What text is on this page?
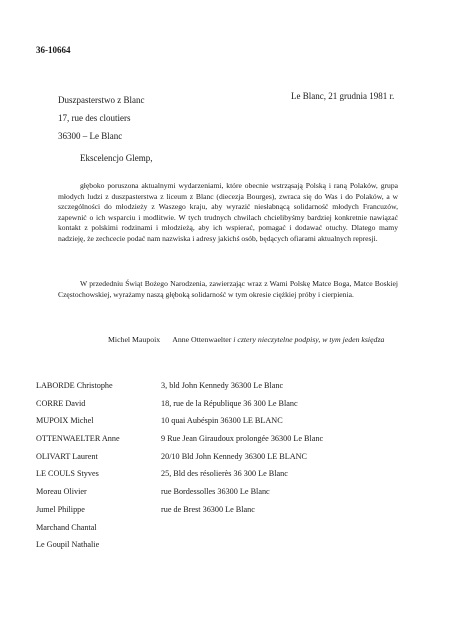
36-10664
Duszpasterstwo z Blanc
17, rue des cloutiers
36300 – Le Blanc
Le Blanc, 21 grudnia 1981 r.
Ekscelencjo Glemp,
głęboko poruszona aktualnymi wydarzeniami, które obecnie wstrząsają Polską i raną Polaków, grupa młodych ludzi z duszpasterstwa z liceum z Blanc (diecezja Bourges), zwraca się do Was i do Polaków, a w szczególności do młodzieży z Waszego kraju, aby wyrazić niesłabnącą solidarność młodych Francuzów, zapewnić o ich wsparciu i modlitwie. W tych trudnych chwilach chcielibyśmy bardziej konkretnie nawiązać kontakt z polskimi rodzinami i młodzieżą, aby ich wspierać, pomagać i dodawać otuchy. Dlatego mamy nadzieję, że zechcecie podać nam nazwiska i adresy jakichś osób, będących ofiarami aktualnych represji.
W przededniu Świąt Bożego Narodzenia, zawierzając wraz z Wami Polskę Matce Boga, Matce Boskiej Częstochowskiej, wyrażamy naszą głęboką solidarność w tym okresie ciężkiej próby i cierpienia.
Michel Maupoix Anne Ottenwaelter i cztery nieczytelne podpisy, w tym jeden księdza
LABORDE Christophe	3, bld John Kennedy 36300 Le Blanc
CORRE David	18, rue de la République 36 300 Le Blanc
MUPOIX Michel	10 quai Aubéspin 36300 LE BLANC
OTTENWAELTER Anne	9 Rue Jean Giraudoux prolongée 36300 Le Blanc
OLIVART Laurent	20/10 Bld John Kennedy 36300 LE BLANC
LE COULS Styves	25, Bld des résolierès 36 300 Le Blanc
Moreau Olivier	rue Bordessolles 36300 Le Blanc
Jumel Philippe	rue de Brest 36300 Le Blanc
Marchand Chantal
Le Goupil Nathalie
